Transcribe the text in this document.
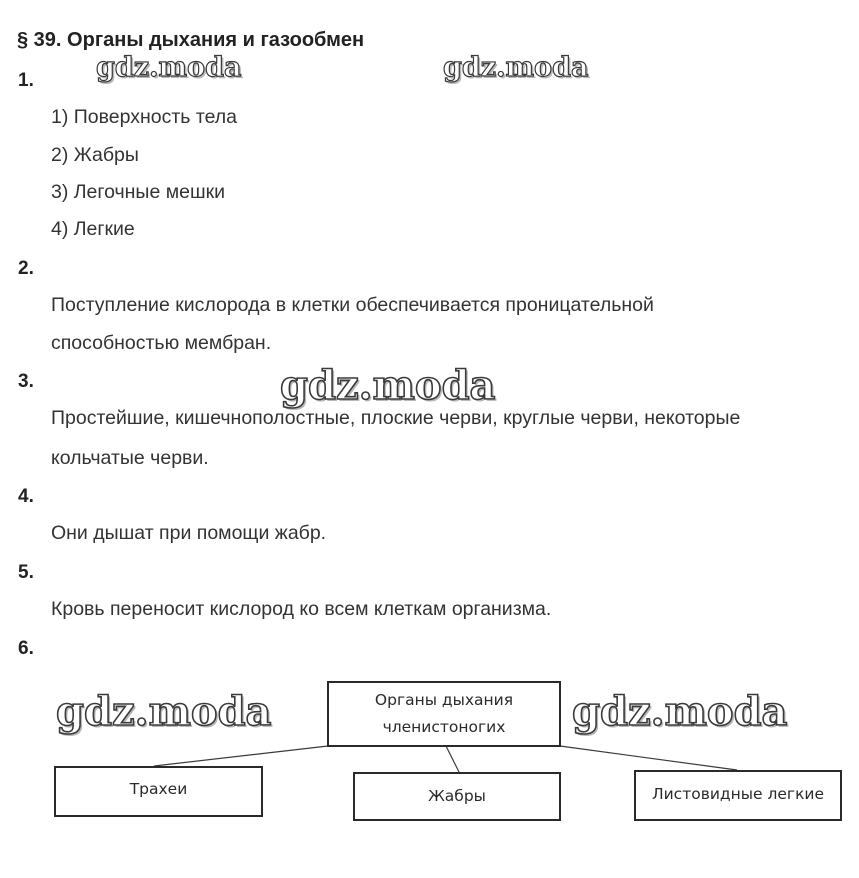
§ 39. Органы дыхания и газообмен
gdz.moda	gdz.moda
gdz.moda
gdz.moda	gdz.moda
1.
1) Поверхность тела
2) Жабры
3) Легочные мешки
4) Легкие
2.
Поступление кислорода в клетки обеспечивается проницательной
способностью мембран.
3.
Простейшие, кишечнополостные, плоские черви, круглые черви, некоторые
кольчатые черви.
4.
Они дышат при помощи жабр.
5.
Кровь переносит кислород ко всем клеткам организма.
6.
Органы дыхания
членистоногих
Трахеи	Жабры	Листовидные легкие
